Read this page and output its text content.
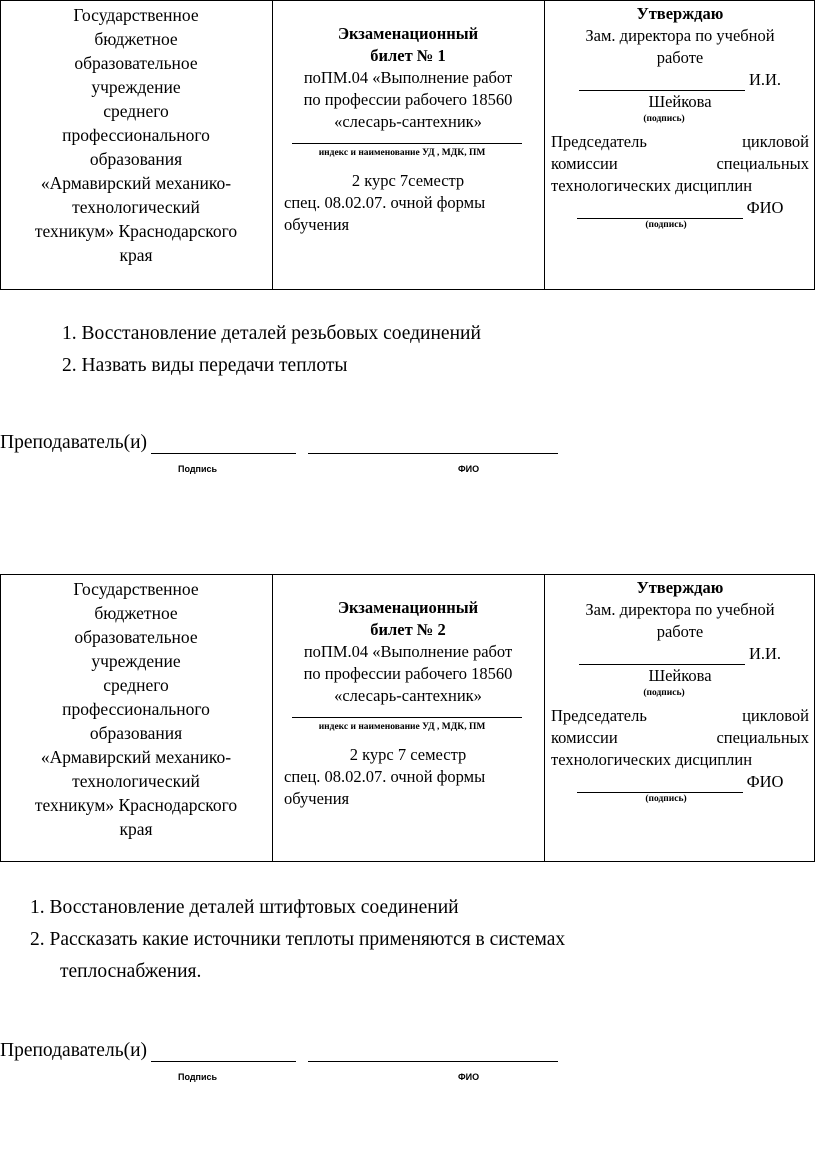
Государственное
бюджетное
образовательное
учреждение
среднего
профессионального
образования
«Армавирский механико-
технологический
техникум» Краснодарского
края
Экзаменационный
билет № 1
поПМ.04 «Выполнение работ
по профессии рабочего 18560
«слесарь-сантехник»
индекс и наименование УД , МДК, ПМ
2 курс 7семестр
спец. 08.02.07. очной формы
обучения
Утверждаю
Зам. директора по учебной
работе
И.И.
Шейкова
(подпись)
Председатель цикловой
комиссии специальных
технологических дисциплин
ФИО
(подпись)
1. Восстановление деталей резьбовых соединений
2. Назвать виды передачи теплоты
Преподаватель(и)
Подпись	ФИО
Государственное
бюджетное
образовательное
учреждение
среднего
профессионального
образования
«Армавирский механико-
технологический
техникум» Краснодарского
края
Экзаменационный
билет № 2
поПМ.04 «Выполнение работ
по профессии рабочего 18560
«слесарь-сантехник»
индекс и наименование УД , МДК, ПМ
2 курс 7 семестр
спец. 08.02.07. очной формы
обучения
Утверждаю
Зам. директора по учебной
работе
И.И.
Шейкова
(подпись)
Председатель цикловой
комиссии специальных
технологических дисциплин
ФИО
(подпись)
1. Восстановление деталей штифтовых соединений
2. Рассказать какие источники теплоты применяются в системах
теплоснабжения.
Преподаватель(и)
Подпись	ФИО
